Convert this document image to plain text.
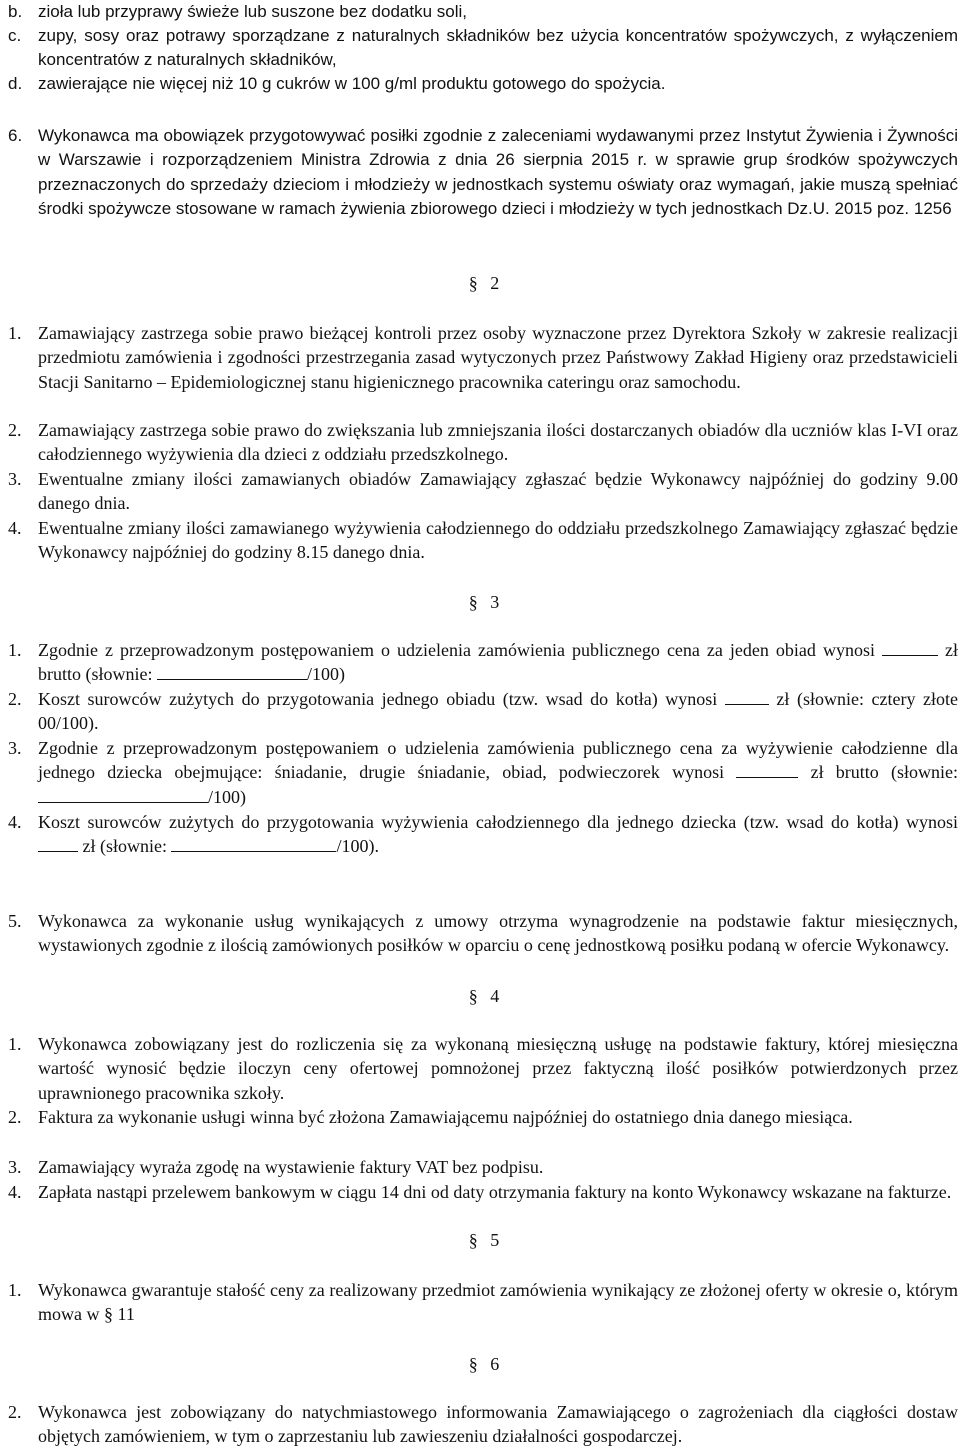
b. zioła lub przyprawy świeże lub suszone bez dodatku soli,
c. zupy, sosy oraz potrawy sporządzane z naturalnych składników bez użycia koncentratów spożywczych, z wyłączeniem koncentratów z naturalnych składników,
d. zawierające nie więcej niż 10 g cukrów w 100 g/ml produktu gotowego do spożycia.
6. Wykonawca ma obowiązek przygotowywać posiłki zgodnie z zaleceniami wydawanymi przez Instytut Żywienia i Żywności w Warszawie i rozporządzeniem Ministra Zdrowia z dnia 26 sierpnia 2015 r. w sprawie grup środków spożywczych przeznaczonych do sprzedaży dzieciom i młodzieży w jednostkach systemu oświaty oraz wymagań, jakie muszą spełniać środki spożywcze stosowane w ramach żywienia zbiorowego dzieci i młodzieży w tych jednostkach Dz.U. 2015 poz. 1256
§ 2
1. Zamawiający zastrzega sobie prawo bieżącej kontroli przez osoby wyznaczone przez Dyrektora Szkoły w zakresie realizacji przedmiotu zamówienia i zgodności przestrzegania zasad wytyczonych przez Państwowy Zakład Higieny oraz przedstawicieli Stacji Sanitarno – Epidemiologicznej stanu higienicznego pracownika cateringu oraz samochodu.
2. Zamawiający zastrzega sobie prawo do zwiększania lub zmniejszania ilości dostarczanych obiadów dla uczniów klas I-VI oraz całodziennego wyżywienia dla dzieci z oddziału przedszkolnego.
3. Ewentualne zmiany ilości zamawianych obiadów Zamawiający zgłaszać będzie Wykonawcy najpóźniej do godziny 9.00 danego dnia.
4. Ewentualne zmiany ilości zamawianego wyżywienia całodziennego do oddziału przedszkolnego Zamawiający zgłaszać będzie Wykonawcy najpóźniej do godziny 8.15 danego dnia.
§ 3
1. Zgodnie z przeprowadzonym postępowaniem o udzielenia zamówienia publicznego cena za jeden obiad wynosi	zł brutto (słownie:	/100)
2. Koszt surowców zużytych do przygotowania jednego obiadu (tzw. wsad do kotła) wynosi	zł (słownie: cztery złote 00/100).
3. Zgodnie z przeprowadzonym postępowaniem o udzielenia zamówienia publicznego cena za wyżywienie całodzienne dla jednego dziecka obejmujące: śniadanie, drugie śniadanie, obiad, podwieczorek wynosi	zł brutto (słownie: /100)
4. Koszt surowców zużytych do przygotowania wyżywienia całodziennego dla jednego dziecka (tzw. wsad do kotła) wynosi  zł (słownie:	/100).
5. Wykonawca za wykonanie usług wynikających z umowy otrzyma wynagrodzenie na podstawie faktur miesięcznych, wystawionych zgodnie z ilością zamówionych posiłków w oparciu o cenę jednostkową posiłku podaną w ofercie Wykonawcy.
§ 4
1. Wykonawca zobowiązany jest do rozliczenia się za wykonaną miesięczną usługę na podstawie faktury, której miesięczna wartość wynosić będzie iloczyn ceny ofertowej pomnożonej przez faktyczną ilość posiłków potwierdzonych przez uprawnionego pracownika szkoły.
2. Faktura za wykonanie usługi winna być złożona Zamawiającemu najpóźniej do ostatniego dnia danego miesiąca.
3. Zamawiający wyraża zgodę na wystawienie faktury VAT bez podpisu.
4. Zapłata nastąpi przelewem bankowym w ciągu 14 dni od daty otrzymania faktury na konto Wykonawcy wskazane na fakturze.
§ 5
1. Wykonawca gwarantuje stałość ceny za realizowany przedmiot zamówienia wynikający ze złożonej oferty w okresie o, którym mowa w § 11
§ 6
2. Wykonawca jest zobowiązany do natychmiastowego informowania Zamawiającego o zagrożeniach dla ciągłości dostaw objętych zamówieniem, w tym o zaprzestaniu lub zawieszeniu działalności gospodarczej.
